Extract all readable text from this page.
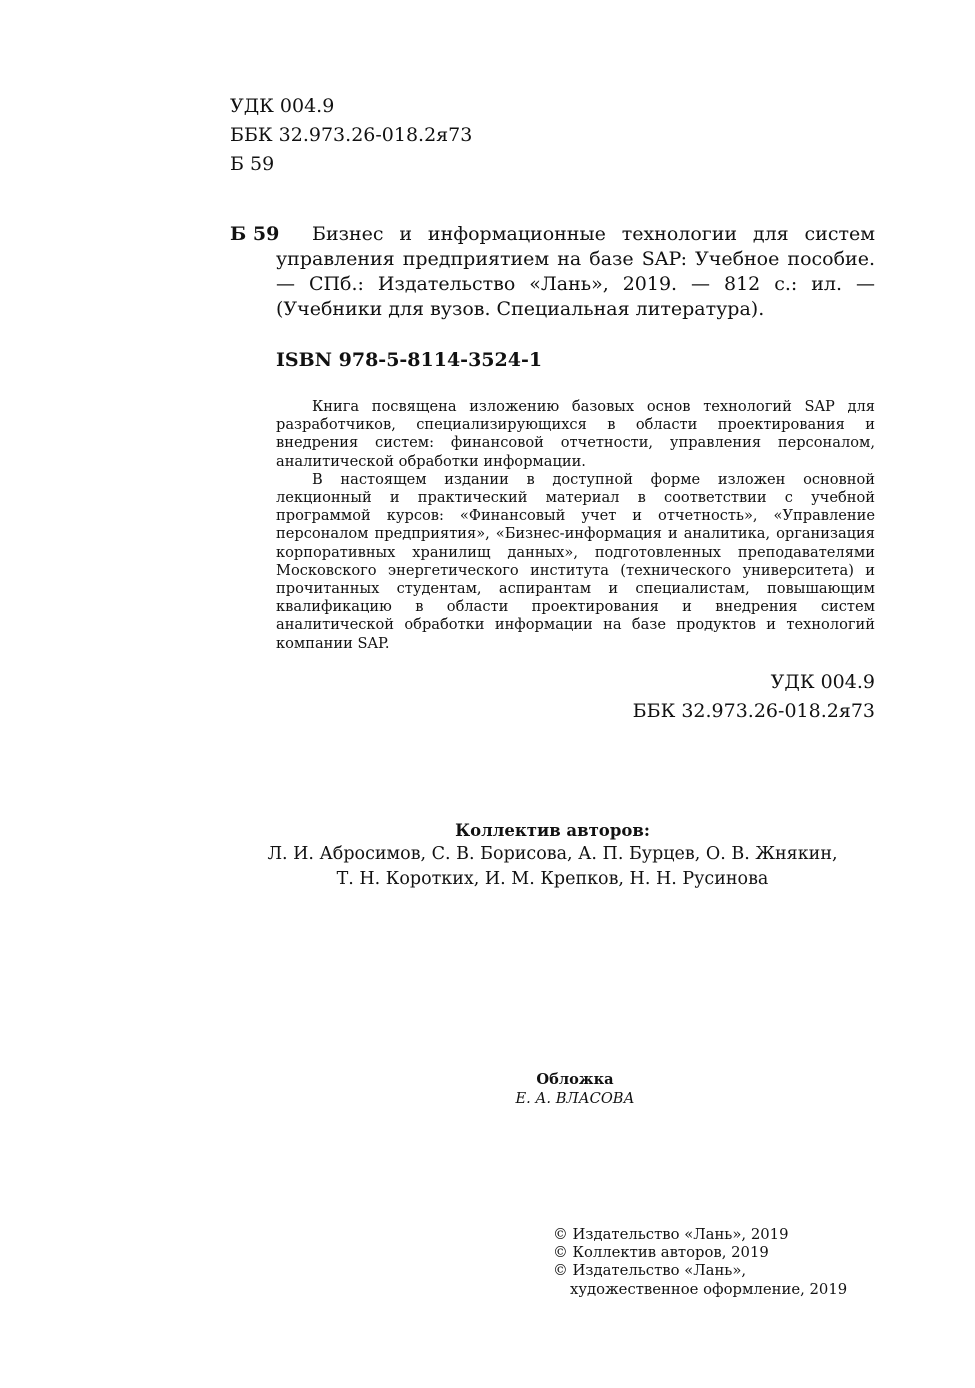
УДК 004.9
ББК 32.973.26-018.2я73
Б 59
Б 59	Бизнес и информационные технологии для систем управления предприятием на базе SAP: Учебное пособие. — СПб.: Издательство «Лань», 2019. — 812 с.: ил. — (Учебники для вузов. Специальная литература).
ISBN 978-5-8114-3524-1

Книга посвящена изложению базовых основ технологий SAP для разработчиков, специализирующихся в области проектирования и внедрения систем: финансовой отчетности, управления персоналом, аналитической обработки информации.

В настоящем издании в доступной форме изложен основной лекционный и практический материал в соответствии с учебной программой курсов: «Финансовый учет и отчетность», «Управление персоналом предприятия», «Бизнес-информация и аналитика, организация корпоративных хранилищ данных», подготовленных преподавателями Московского энергетического института (технического университета) и прочитанных студентам, аспирантам и специалистам, повышающим квалификацию в области проектирования и внедрения систем аналитической обработки информации на базе продуктов и технологий компании SAP.

УДК 004.9
ББК 32.973.26-018.2я73
Коллектив авторов:
Л. И. Абросимов, С. В. Борисова, А. П. Бурцев, О. В. Жнякин,
Т. Н. Коротких, И. М. Крепков, Н. Н. Русинова
Обложка
Е. А. ВЛАСОВА
© Издательство «Лань», 2019
© Коллектив авторов, 2019
© Издательство «Лань»,
художественное оформление, 2019
